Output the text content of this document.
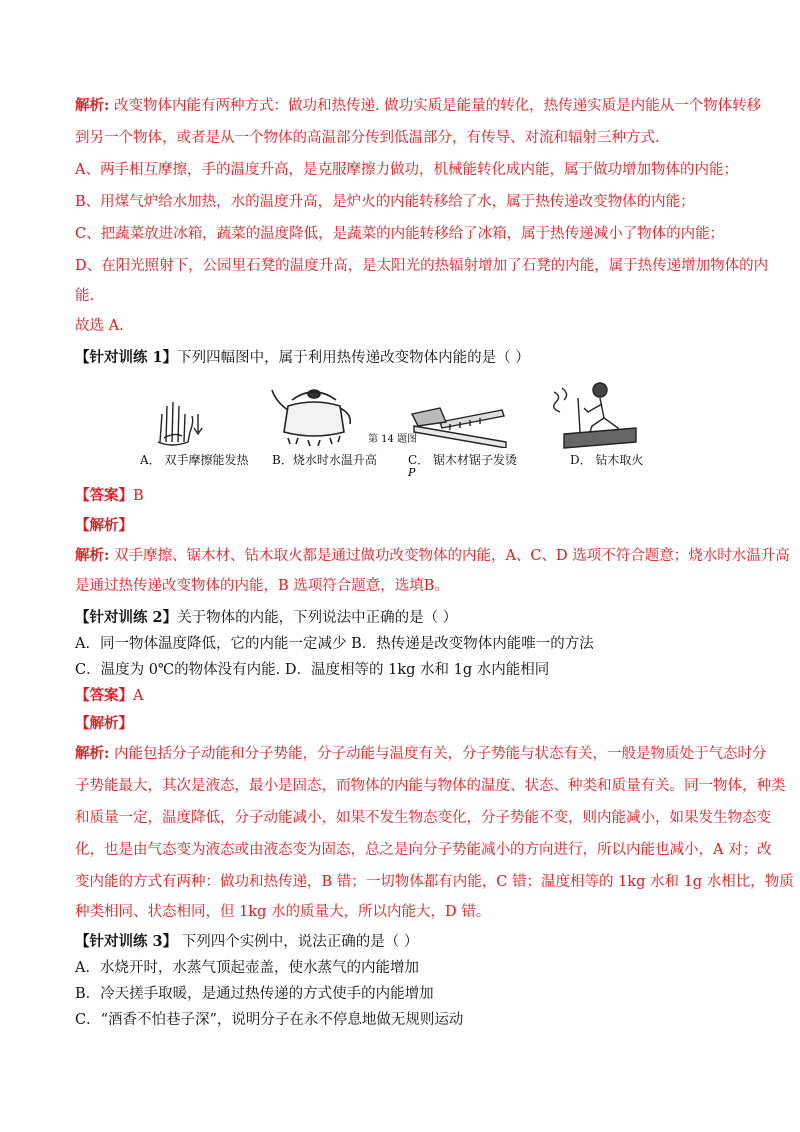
解析: 改变物体内能有两种方式：做功和热传递. 做功实质是能量的转化，热传递实质是内能从一个物体转移
到另一个物体，或者是从一个物体的高温部分传到低温部分，有传导、对流和辐射三种方式.
A、两手相互摩擦，手的温度升高，是克服摩擦力做功，机械能转化成内能，属于做功增加物体的内能；
B、用煤气炉给水加热，水的温度升高，是炉火的内能转移给了水，属于热传递改变物体的内能；
C、把蔬菜放进冰箱，蔬菜的温度降低，是蔬菜的内能转移给了冰箱，属于热传递减小了物体的内能；
D、在阳光照射下，公园里石凳的温度升高，是太阳光的热辐射增加了石凳的内能，属于热传递增加物体的内
能.
故选 A.
【针对训练 1】下列四幅图中，属于利用热传递改变物体内能的是（ ）
第 14 题图
A． 双手摩擦能发热 B．烧水时水温升高	C． 锯木材锯子发烫	D． 钻木取火
P
【答案】B
【解析】
解析: 双手摩擦、锯木材、钻木取火都是通过做功改变物体的内能，A、C、D 选项不符合题意；烧水时水温升高
是通过热传递改变物体的内能，B 选项符合题意，选填B。
【针对训练 2】关于物体的内能，下列说法中正确的是（ ）
A．同一物体温度降低，它的内能一定减少 B．热传递是改变物体内能唯一的方法
C．温度为 0℃的物体没有内能. D．温度相等的 1kg 水和 1g 水内能相同
【答案】A
【解析】
解析: 内能包括分子动能和分子势能，分子动能与温度有关，分子势能与状态有关，一般是物质处于气态时分
子势能最大，其次是液态，最小是固态，而物体的内能与物体的温度、状态、种类和质量有关。同一物体，种类
和质量一定，温度降低，分子动能减小，如果不发生物态变化，分子势能不变，则内能减小，如果发生物态变
化，也是由气态变为液态或由液态变为固态，总之是向分子势能减小的方向进行，所以内能也减小，A 对；改
变内能的方式有两种：做功和热传递，B 错；一切物体都有内能，C 错；温度相等的 1kg 水和 1g 水相比，物质
种类相同、状态相同，但 1kg 水的质量大，所以内能大，D 错。
【针对训练 3】 下列四个实例中，说法正确的是（ ）
A．水烧开时，水蒸气顶起壶盖，使水蒸气的内能增加
B．冷天搓手取暖，是通过热传递的方式使手的内能增加
C．“酒香不怕巷子深”，说明分子在永不停息地做无规则运动
